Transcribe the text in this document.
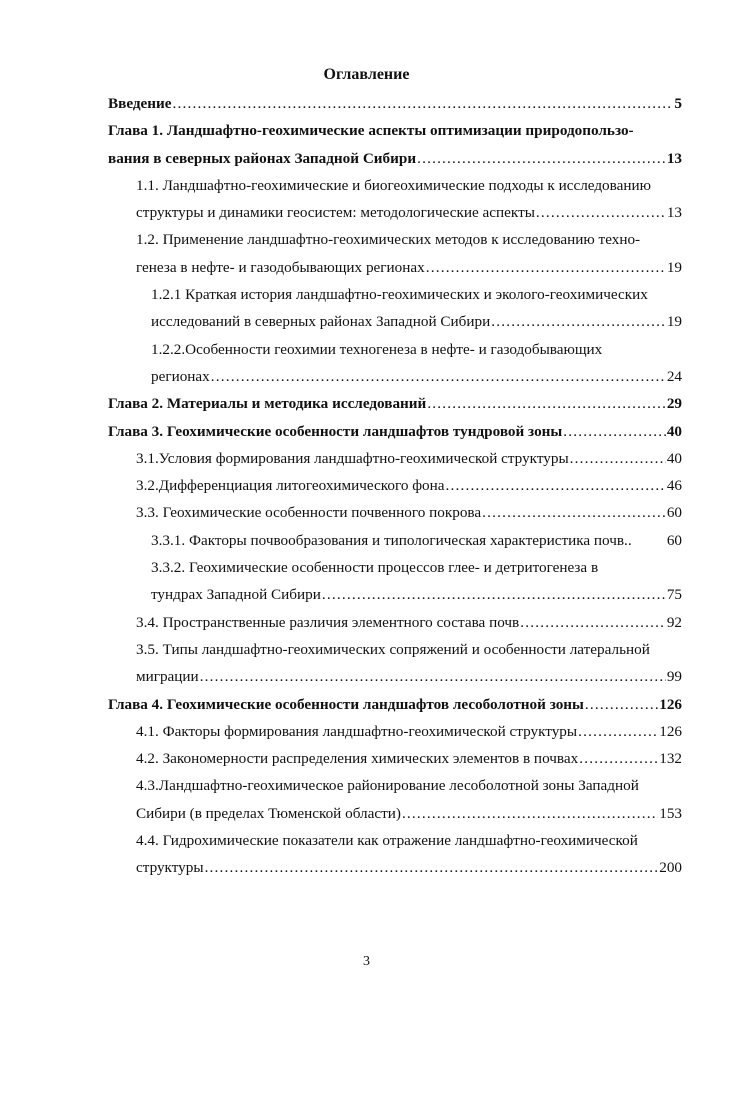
Оглавление
Введение .....	5
Глава 1. Ландшафтно-геохимические аспекты оптимизации природопользо-
вания в северных районах Западной Сибири .....	13
1.1. Ландшафтно-геохимические и биогеохимические подходы к исследованию
структуры и динамики геосистем: методологические аспекты .....	13
1.2. Применение ландшафтно-геохимических методов к исследованию техно-
генеза в нефте- и газодобывающих регионах .....	19
1.2.1 Краткая история ландшафтно-геохимических и эколого-геохимических
исследований в северных районах Западной Сибири .....	19
1.2.2.Особенности геохимии техногенеза в нефте- и газодобывающих
регионах .....	24
Глава 2. Материалы и методика исследований .....	29
Глава 3. Геохимические особенности ландшафтов тундровой зоны .....	40
3.1.Условия формирования ландшафтно-геохимической структуры .....	40
3.2.Дифференциация литогеохимического фона .....	46
3.3. Геохимические особенности почвенного покрова .....	60
3.3.1. Факторы почвообразования и типологическая характеристика почв.. 60
3.3.2. Геохимические особенности процессов глее- и детритогенеза в
тундрах Западной Сибири .....	75
3.4. Пространственные различия элементного состава почв .....	92
3.5. Типы ландшафтно-геохимических сопряжений и особенности латеральной
миграции .....	99
Глава 4. Геохимические особенности ландшафтов лесоболотной зоны .....	126
4.1. Факторы формирования ландшафтно-геохимической структуры .....	126
4.2. Закономерности распределения химических элементов в почвах .....	132
4.3.Ландшафтно-геохимическое районирование лесоболотной зоны Западной
Сибири (в пределах Тюменской области) .....	153
4.4. Гидрохимические показатели как отражение ландшафтно-геохимической
структуры .....	200
3
